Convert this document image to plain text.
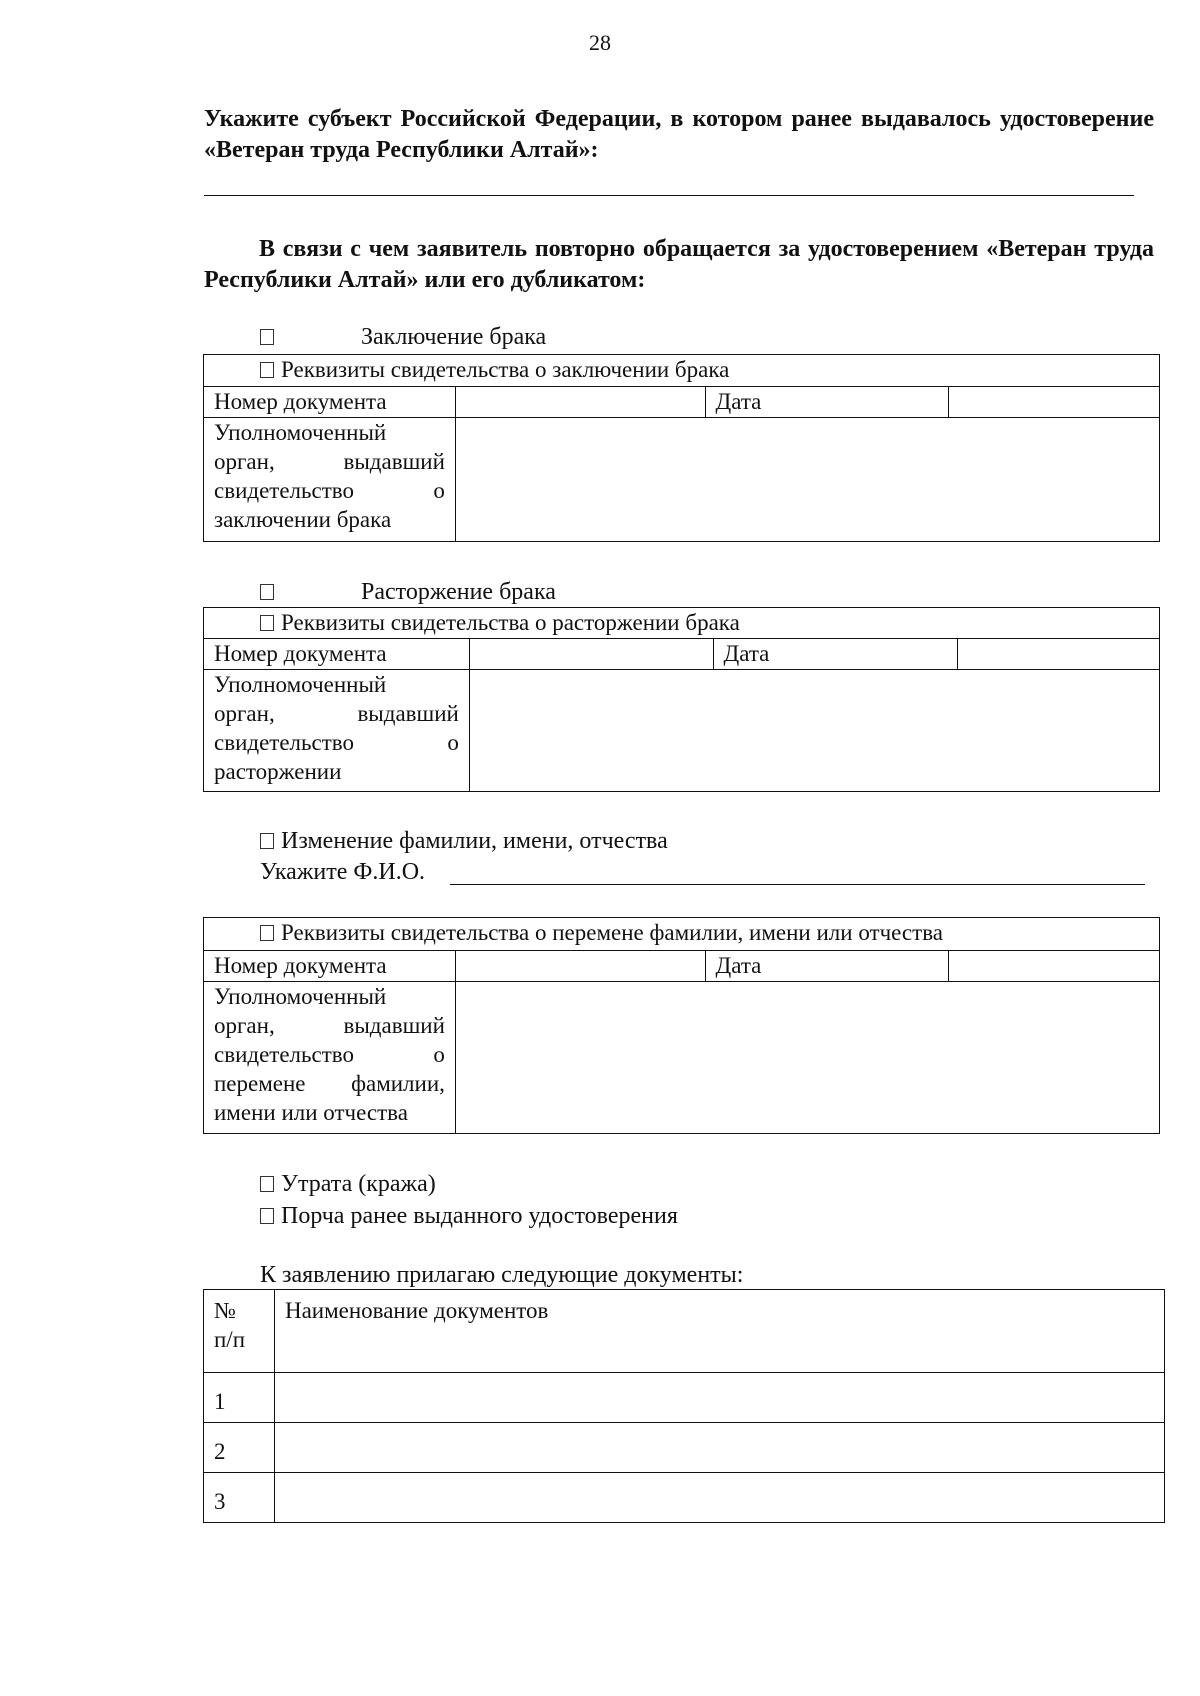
28
Укажите субъект Российской Федерации, в котором ранее выдавалось удостоверение «Ветеран труда Республики Алтай»:
В связи с чем заявитель повторно обращается за удостоверением «Ветеран труда Республики Алтай» или его дубликатом:
Заключение брака
Реквизиты свидетельства о заключении брака			
Номер документа		Дата	

Уполномоченный
орган, выдавший
свидетельство о
заключении брака			

Расторжение брака
Реквизиты свидетельства о расторжении брака			
Номер документа		Дата	

Уполномоченный
орган, выдавший
свидетельство о
расторжении			

Изменение фамилии, имени, отчества
Укажите Ф.И.О.
Реквизиты свидетельства о перемене фамилии, имени или отчества			
Номер документа		Дата	

Уполномоченный
орган, выдавший
свидетельство о
перемене фамилии,
имени или отчества			

Утрата (кража)
Порча ранее выданного удостоверения
К заявлению прилагаю следующие документы:
№
п/п	Наименование документов
1	
2	
3	
